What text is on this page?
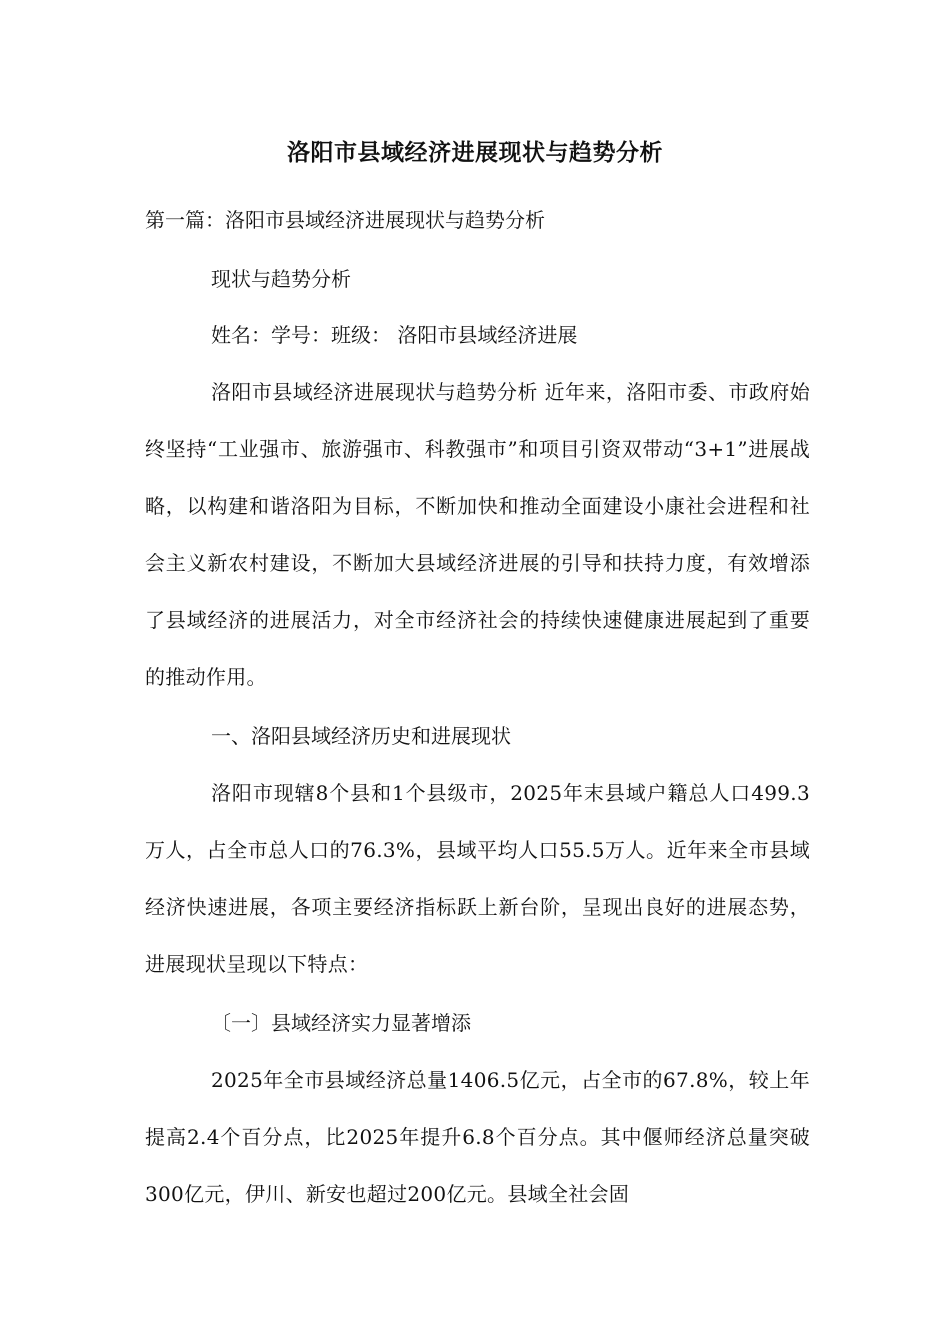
洛阳市县域经济进展现状与趋势分析
第一篇：洛阳市县域经济进展现状与趋势分析
现状与趋势分析
姓名：学号：班级： 洛阳市县域经济进展
洛阳市县域经济进展现状与趋势分析 近年来，洛阳市委、市政府始终坚持“工业强市、旅游强市、科教强市”和项目引资双带动“3+1”进展战略，以构建和谐洛阳为目标，不断加快和推动全面建设小康社会进程和社会主义新农村建设，不断加大县域经济进展的引导和扶持力度，有效增添了县域经济的进展活力，对全市经济社会的持续快速健康进展起到了重要的推动作用。
一、洛阳县域经济历史和进展现状
洛阳市现辖8个县和1个县级市，2025年末县域户籍总人口499.3万人，占全市总人口的76.3%，县域平均人口55.5万人。近年来全市县域经济快速进展，各项主要经济指标跃上新台阶，呈现出良好的进展态势，进展现状呈现以下特点：
〔一〕县域经济实力显著增添
2025年全市县域经济总量1406.5亿元，占全市的67.8%，较上年提高2.4个百分点，比2025年提升6.8个百分点。其中偃师经济总量突破300亿元，伊川、新安也超过200亿元。县域全社会固
